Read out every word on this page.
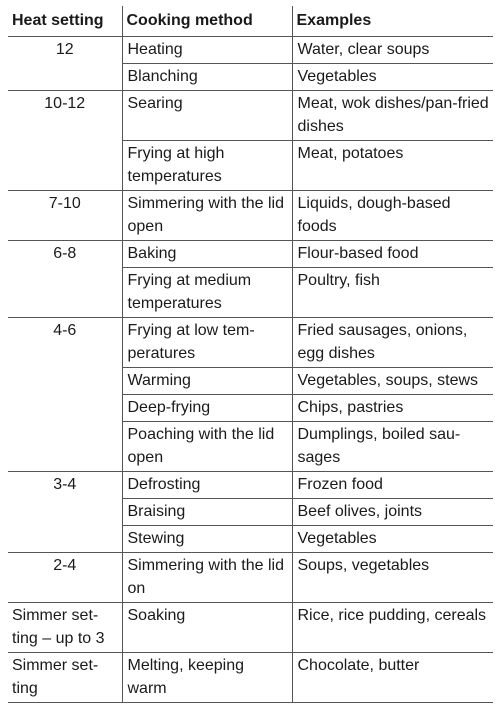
Heat setting	Cooking method	Examples
12	Heating	Water, clear soups
	Blanching	Vegetables
10-12	Searing	Meat, wok dishes/pan-fried dishes
	Frying at high temperatures	Meat, potatoes
7-10	Simmering with the lid open	Liquids, dough-based foods
6-8	Baking	Flour-based food
	Frying at medium temperatures	Poultry, fish
4-6	Frying at low tem-peratures	Fried sausages, onions, egg dishes
	Warming	Vegetables, soups, stews
	Deep-frying	Chips, pastries
	Poaching with the lid open	Dumplings, boiled sau-sages
3-4	Defrosting	Frozen food
	Braising	Beef olives, joints
	Stewing	Vegetables
2-4	Simmering with the lid on	Soups, vegetables
Simmer set-ting – up to 3	Soaking	Rice, rice pudding, cereals
Simmer set-ting	Melting, keeping warm	Chocolate, butter
